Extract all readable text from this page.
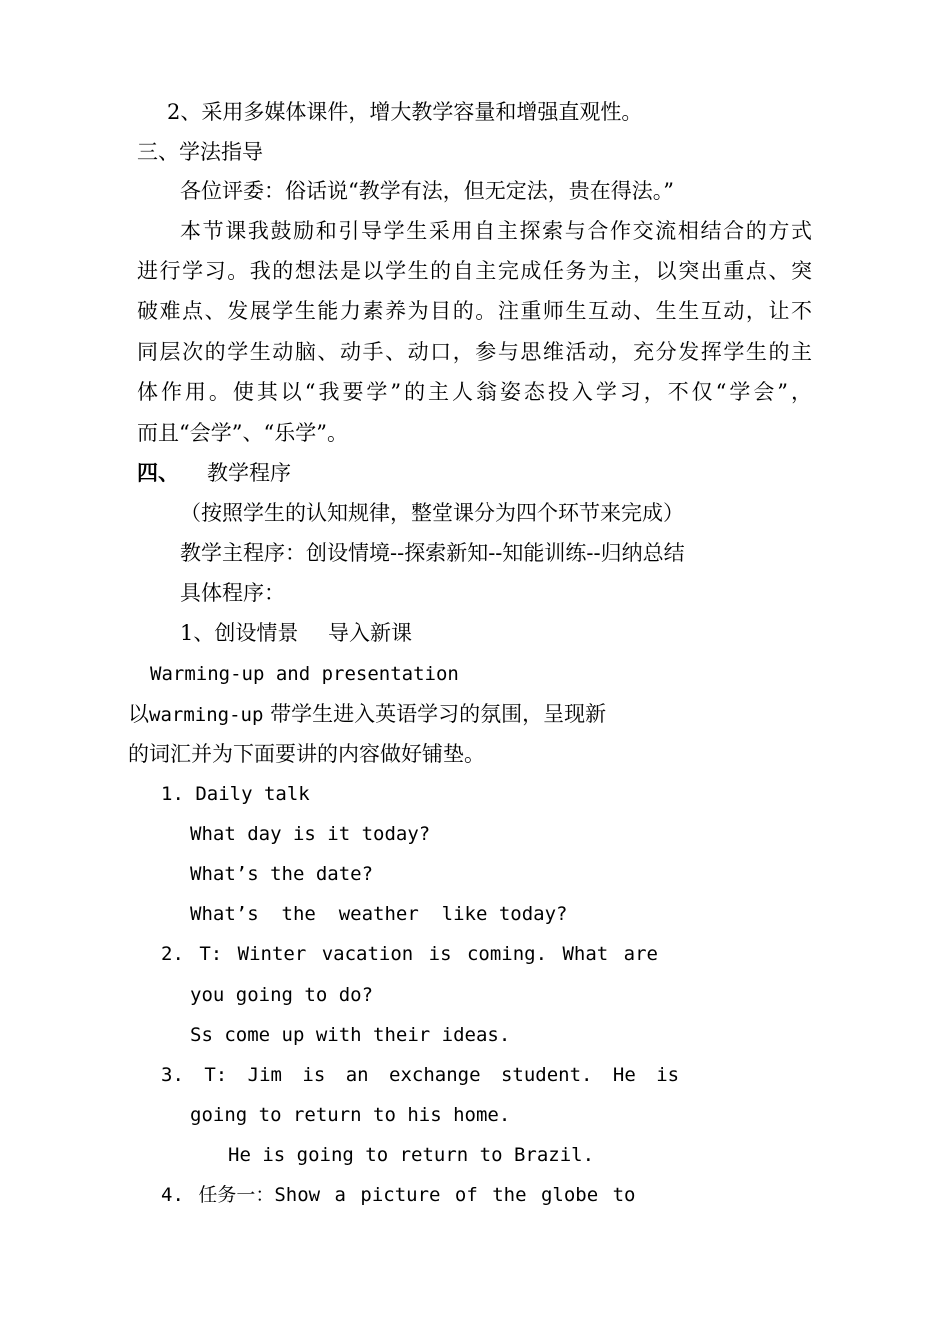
2、采用多媒体课件，增大教学容量和增强直观性。
三、学法指导
各位评委：俗话说“教学有法，但无定法，贵在得法。”
本节课我鼓励和引导学生采用自主探索与合作交流相结合的方式
进行学习。我的想法是以学生的自主完成任务为主，以突出重点、突
破难点、发展学生能力素养为目的。注重师生互动、生生互动，让不
同层次的学生动脑、动手、动口，参与思维活动，充分发挥学生的主
体作用。使其以“我要学”的主人翁姿态投入学习，不仅“学会”，
而且“会学”、“乐学”。
四、 教学程序
（按照学生的认知规律，整堂课分为四个环节来完成）
教学主程序：创设情境--探索新知--知能训练--归纳总结
具体程序：
1、创设情景 导入新课
Warming-up and presentation
以warming-up 带学生进入英语学习的氛围，呈现新
的词汇并为下面要讲的内容做好铺垫。
1. Daily talk
What day is it today?
What’s the date?
What’s  the  weather  like today?
2. T: Winter vacation is coming. What are
you going to do?
Ss come up with their ideas.
3. T: Jim is an exchange student. He is
going to return to his home.
He is going to return to Brazil.
4. 任务一：Show a picture of the globe to
